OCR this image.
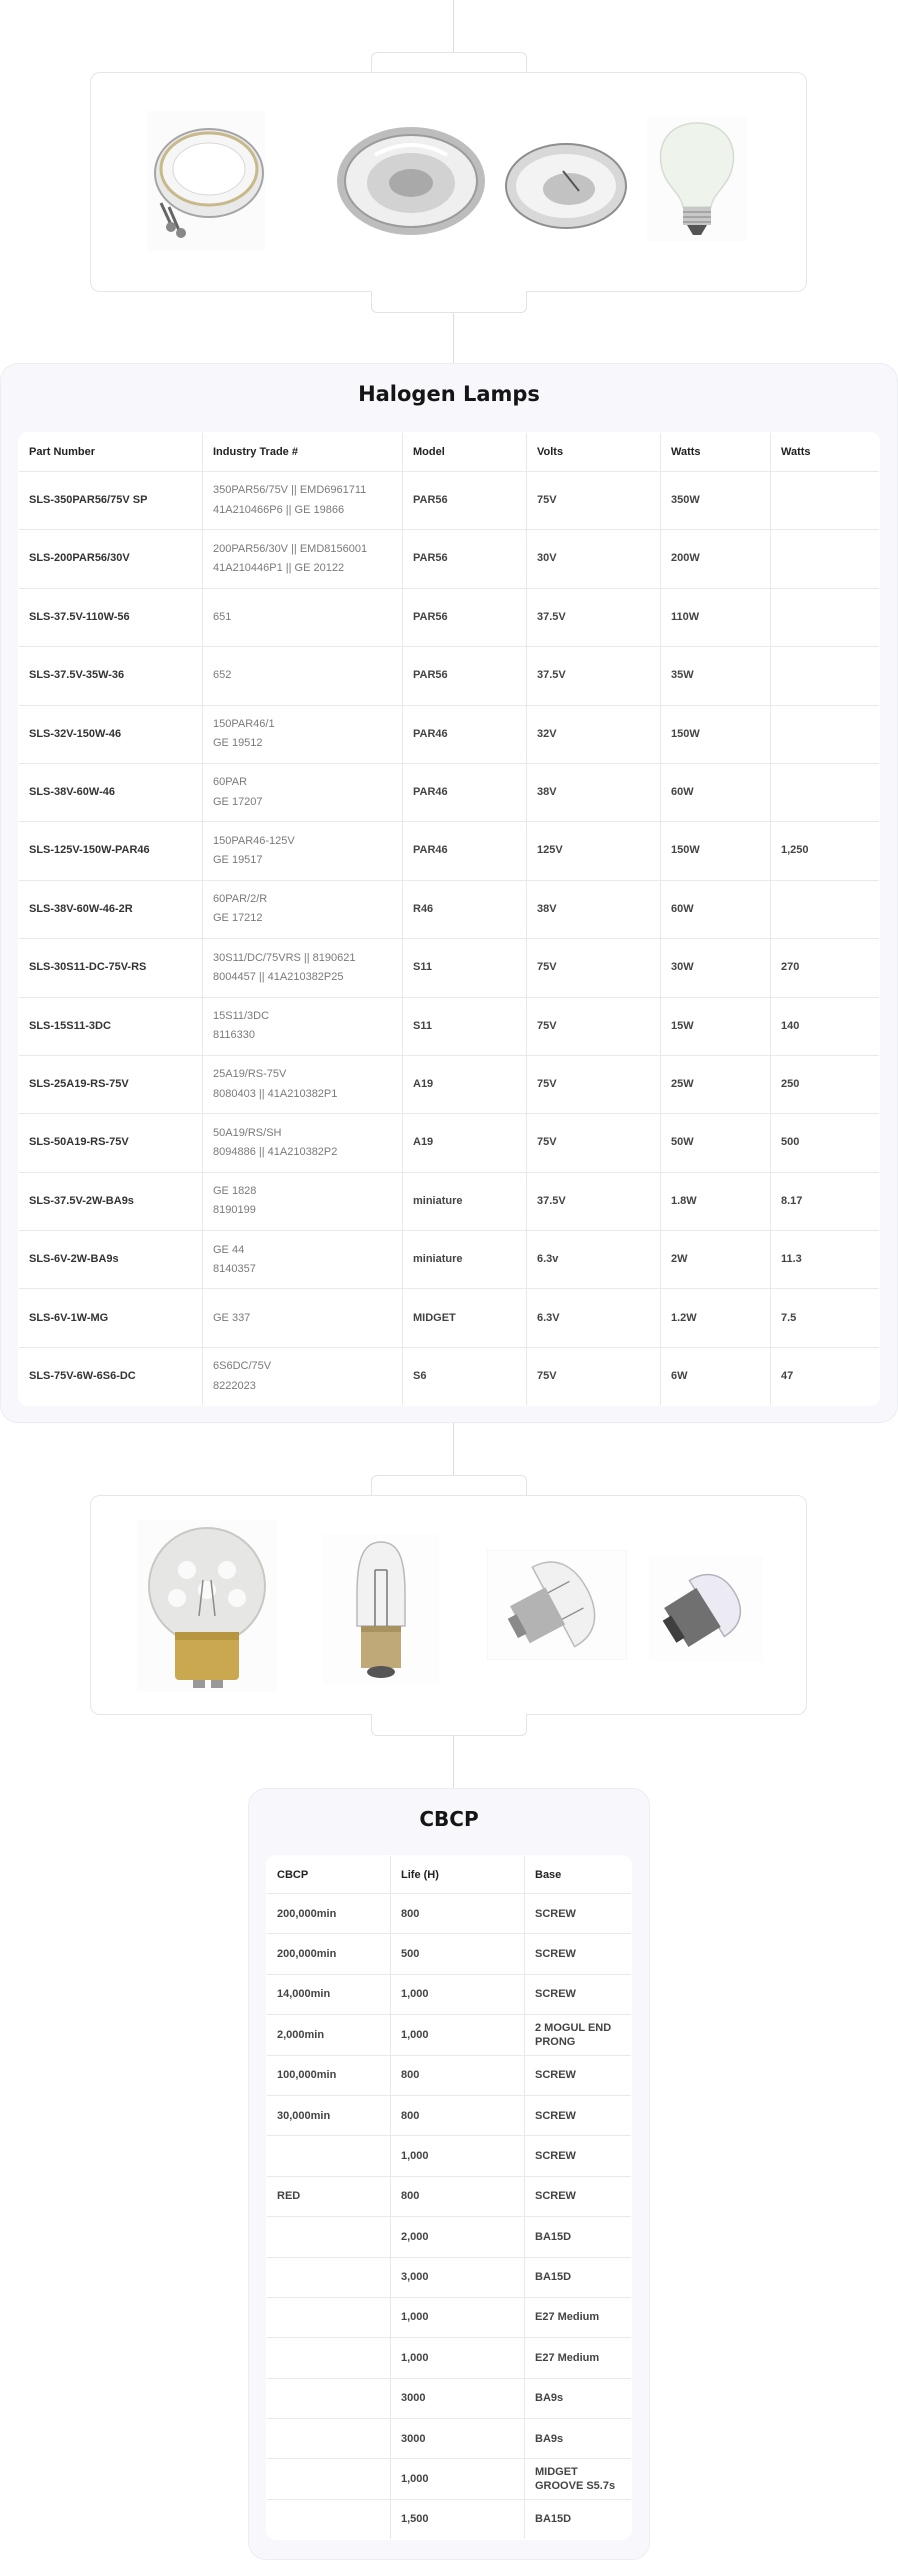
Halogen Lamps
Part Number	Industry Trade #	Model	Volts	Watts	Watts
SLS-350PAR56/75V SP	350PAR56/75V || EMD6961711
41A210466P6 || GE 19866	PAR56	75V	350W	
SLS-200PAR56/30V	200PAR56/30V || EMD8156001
41A210446P1 || GE 20122	PAR56	30V	200W	
SLS-37.5V-110W-56	651	PAR56	37.5V	110W	
SLS-37.5V-35W-36	652	PAR56	37.5V	35W	
SLS-32V-150W-46	150PAR46/1
GE 19512	PAR46	32V	150W	
SLS-38V-60W-46	60PAR
GE 17207	PAR46	38V	60W	
SLS-125V-150W-PAR46	150PAR46-125V
GE 19517	PAR46	125V	150W	1,250
SLS-38V-60W-46-2R	60PAR/2/R
GE 17212	R46	38V	60W	
SLS-30S11-DC-75V-RS	30S11/DC/75VRS || 8190621
8004457 || 41A210382P25	S11	75V	30W	270
SLS-15S11-3DC	15S11/3DC
8116330	S11	75V	15W	140
SLS-25A19-RS-75V	25A19/RS-75V
8080403 || 41A210382P1	A19	75V	25W	250
SLS-50A19-RS-75V	50A19/RS/SH
8094886 || 41A210382P2	A19	75V	50W	500
SLS-37.5V-2W-BA9s	GE 1828
8190199	miniature	37.5V	1.8W	8.17
SLS-6V-2W-BA9s	GE 44
8140357	miniature	6.3v	2W	11.3
SLS-6V-1W-MG	GE 337	MIDGET	6.3V	1.2W	7.5
SLS-75V-6W-6S6-DC	6S6DC/75V
8222023	S6	75V	6W	47
CBCP
CBCP	Life (H)	Base
200,000min	800	SCREW
200,000min	500	SCREW
14,000min	1,000	SCREW
2,000min	1,000	2 MOGUL END PRONG
100,000min	800	SCREW
30,000min	800	SCREW
	1,000	SCREW
RED	800	SCREW
	2,000	BA15D
	3,000	BA15D
	1,000	E27 Medium
	1,000	E27 Medium
	3000	BA9s
	3000	BA9s
	1,000	MIDGET GROOVE S5.7s
	1,500	BA15D
